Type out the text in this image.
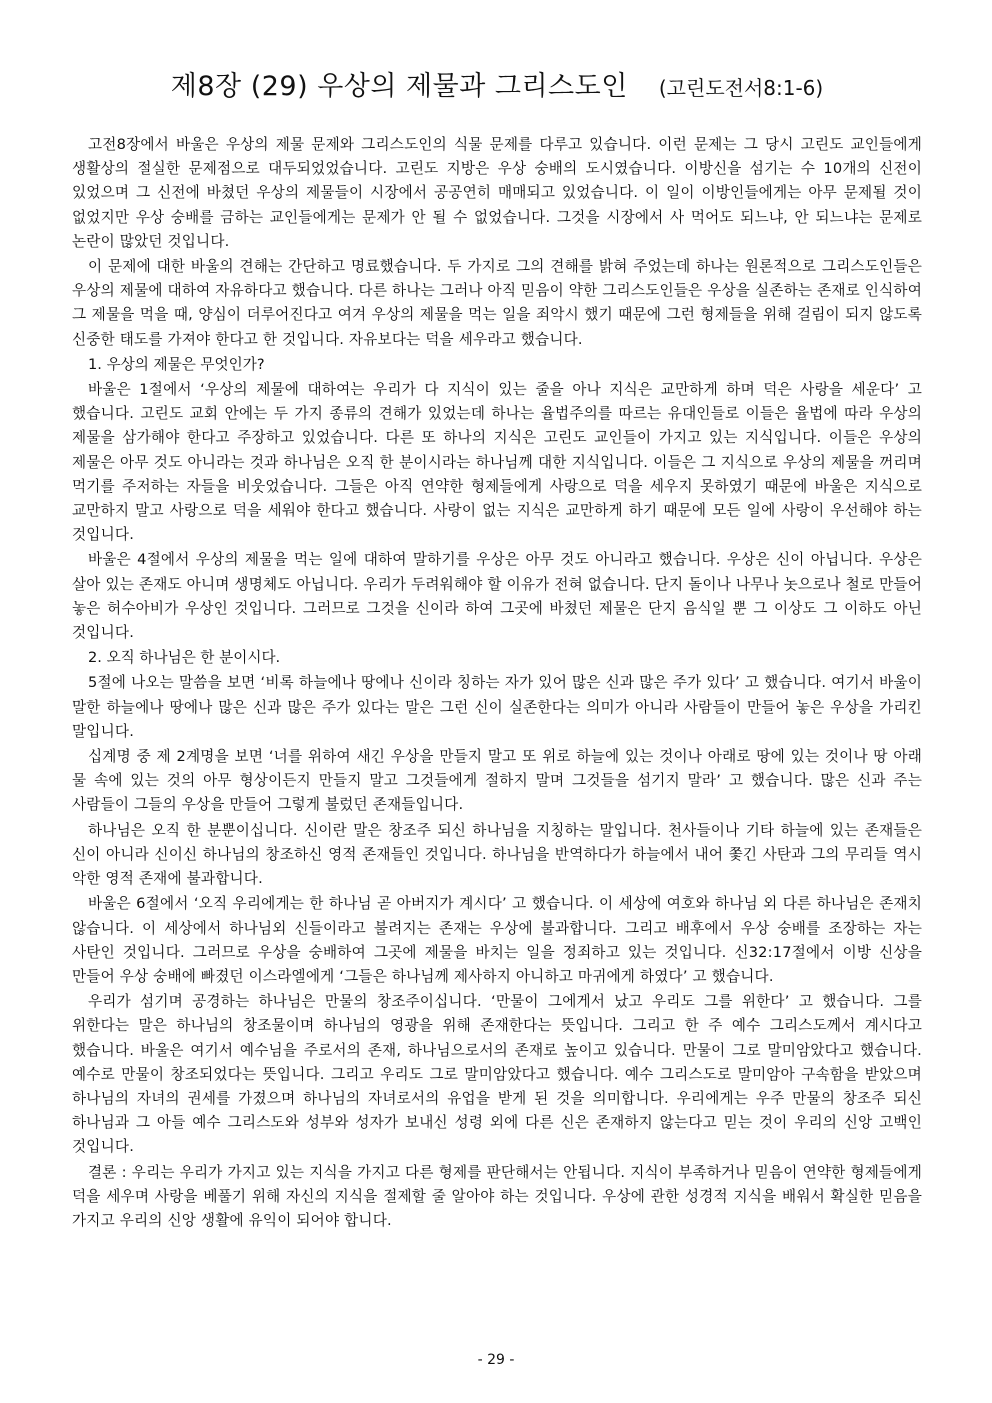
제8장 (29) 우상의 제물과 그리스도인 (고린도전서8:1-6)

고전8장에서 바울은 우상의 제물 문제와 그리스도인의 식물 문제를 다루고 있습니다. 이런 문제는 그 당시 고린도 교인들에게 생활상의 절실한 문제점으로 대두되었었습니다. 고린도 지방은 우상 숭배의 도시였습니다. 이방신을 섬기는 수 10개의 신전이 있었으며 그 신전에 바쳤던 우상의 제물들이 시장에서 공공연히 매매되고 있었습니다. 이 일이 이방인들에게는 아무 문제될 것이 없었지만 우상 숭배를 금하는 교인들에게는 문제가 안 될 수 없었습니다. 그것을 시장에서 사 먹어도 되느냐, 안 되느냐는 문제로 논란이 많았던 것입니다.

이 문제에 대한 바울의 견해는 간단하고 명료했습니다. 두 가지로 그의 견해를 밝혀 주었는데 하나는 원론적으로 그리스도인들은 우상의 제물에 대하여 자유하다고 했습니다. 다른 하나는 그러나 아직 믿음이 약한 그리스도인들은 우상을 실존하는 존재로 인식하여 그 제물을 먹을 때, 양심이 더루어진다고 여겨 우상의 제물을 먹는 일을 죄악시 했기 때문에 그런 형제들을 위해 걸림이 되지 않도록 신중한 태도를 가져야 한다고 한 것입니다. 자유보다는 덕을 세우라고 했습니다.

1. 우상의 제물은 무엇인가?

바울은 1절에서 ‘우상의 제물에 대하여는 우리가 다 지식이 있는 줄을 아나 지식은 교만하게 하며 덕은 사랑을 세운다’ 고 했습니다. 고린도 교회 안에는 두 가지 종류의 견해가 있었는데 하나는 율법주의를 따르는 유대인들로 이들은 율법에 따라 우상의 제물을 삼가해야 한다고 주장하고 있었습니다. 다른 또 하나의 지식은 고린도 교인들이 가지고 있는 지식입니다. 이들은 우상의 제물은 아무 것도 아니라는 것과 하나님은 오직 한 분이시라는 하나님께 대한 지식입니다. 이들은 그 지식으로 우상의 제물을 꺼리며 먹기를 주저하는 자들을 비웃었습니다. 그들은 아직 연약한 형제들에게 사랑으로 덕을 세우지 못하였기 때문에 바울은 지식으로 교만하지 말고 사랑으로 덕을 세워야 한다고 했습니다. 사랑이 없는 지식은 교만하게 하기 때문에 모든 일에 사랑이 우선해야 하는 것입니다.

바울은 4절에서 우상의 제물을 먹는 일에 대하여 말하기를 우상은 아무 것도 아니라고 했습니다. 우상은 신이 아닙니다. 우상은 살아 있는 존재도 아니며 생명체도 아닙니다. 우리가 두려워해야 할 이유가 전혀 없습니다. 단지 돌이나 나무나 놋으로나 철로 만들어 놓은 허수아비가 우상인 것입니다. 그러므로 그것을 신이라 하여 그곳에 바쳤던 제물은 단지 음식일 뿐 그 이상도 그 이하도 아닌 것입니다.

2. 오직 하나님은 한 분이시다.

5절에 나오는 말씀을 보면 ‘비록 하늘에나 땅에나 신이라 칭하는 자가 있어 많은 신과 많은 주가 있다’ 고 했습니다. 여기서 바울이 말한 하늘에나 땅에나 많은 신과 많은 주가 있다는 말은 그런 신이 실존한다는 의미가 아니라 사람들이 만들어 놓은 우상을 가리킨 말입니다.

십계명 중 제 2계명을 보면 ‘너를 위하여 새긴 우상을 만들지 말고 또 위로 하늘에 있는 것이나 아래로 땅에 있는 것이나 땅 아래 물 속에 있는 것의 아무 형상이든지 만들지 말고 그것들에게 절하지 말며 그것들을 섬기지 말라’ 고 했습니다. 많은 신과 주는 사람들이 그들의 우상을 만들어 그렇게 불렀던 존재들입니다.

하나님은 오직 한 분뿐이십니다. 신이란 말은 창조주 되신 하나님을 지칭하는 말입니다. 천사들이나 기타 하늘에 있는 존재들은 신이 아니라 신이신 하나님의 창조하신 영적 존재들인 것입니다. 하나님을 반역하다가 하늘에서 내어 쫓긴 사탄과 그의 무리들 역시 악한 영적 존재에 불과합니다.

바울은 6절에서 ‘오직 우리에게는 한 하나님 곧 아버지가 계시다’ 고 했습니다. 이 세상에 여호와 하나님 외 다른 하나님은 존재치 않습니다. 이 세상에서 하나님외 신들이라고 불려지는 존재는 우상에 불과합니다. 그리고 배후에서 우상 숭배를 조장하는 자는 사탄인 것입니다. 그러므로 우상을 숭배하여 그곳에 제물을 바치는 일을 정죄하고 있는 것입니다. 신32:17절에서 이방 신상을 만들어 우상 숭배에 빠졌던 이스라엘에게 ‘그들은 하나님께 제사하지 아니하고 마귀에게 하였다’ 고 했습니다.

우리가 섬기며 공경하는 하나님은 만물의 창조주이십니다. ‘만물이 그에게서 났고 우리도 그를 위한다’ 고 했습니다. 그를 위한다는 말은 하나님의 창조물이며 하나님의 영광을 위해 존재한다는 뜻입니다. 그리고 한 주 예수 그리스도께서 계시다고 했습니다. 바울은 여기서 예수님을 주로서의 존재, 하나님으로서의 존재로 높이고 있습니다. 만물이 그로 말미암았다고 했습니다. 예수로 만물이 창조되었다는 뜻입니다. 그리고 우리도 그로 말미암았다고 했습니다. 예수 그리스도로 말미암아 구속함을 받았으며 하나님의 자녀의 권세를 가졌으며 하나님의 자녀로서의 유업을 받게 된 것을 의미합니다. 우리에게는 우주 만물의 창조주 되신 하나님과 그 아들 예수 그리스도와 성부와 성자가 보내신 성령 외에 다른 신은 존재하지 않는다고 믿는 것이 우리의 신앙 고백인 것입니다.

결론 : 우리는 우리가 가지고 있는 지식을 가지고 다른 형제를 판단해서는 안됩니다. 지식이 부족하거나 믿음이 연약한 형제들에게 덕을 세우며 사랑을 베풀기 위해 자신의 지식을 절제할 줄 알아야 하는 것입니다. 우상에 관한 성경적 지식을 배워서 확실한 믿음을 가지고 우리의 신앙 생활에 유익이 되어야 합니다.

- 29 -
